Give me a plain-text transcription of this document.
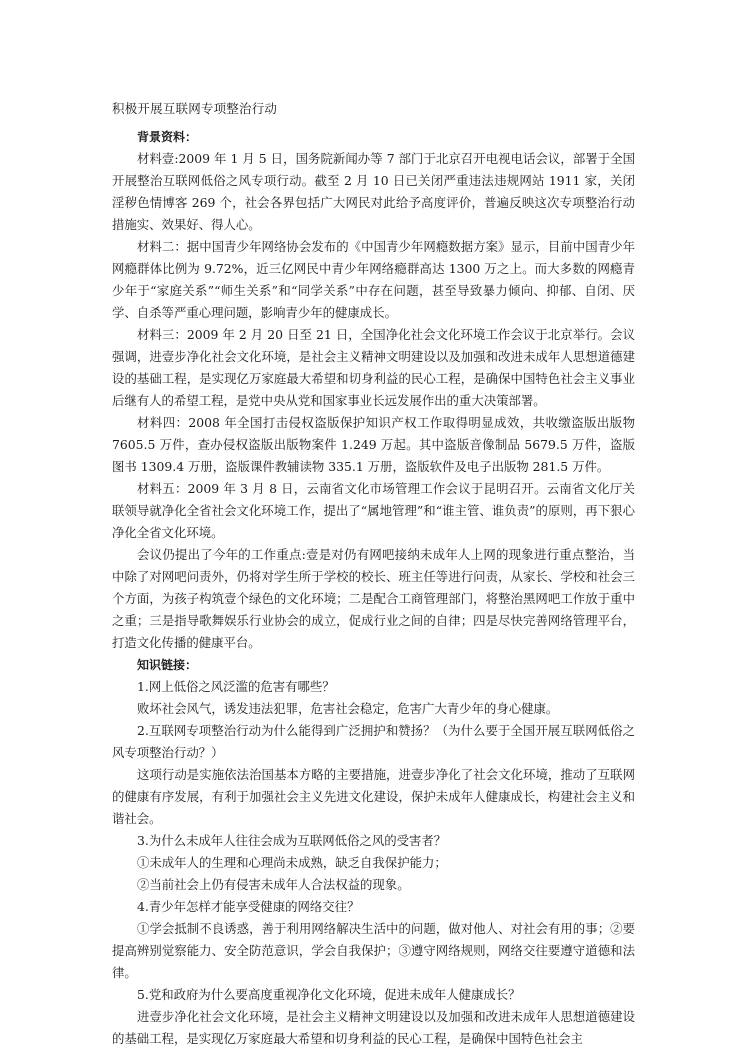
积极开展互联网专项整治行动

背景资料：

材料壹:2009 年 1 月 5 日，国务院新闻办等 7 部门于北京召开电视电话会议，部署于全国开展整治互联网低俗之风专项行动。截至 2 月 10 日已关闭严重违法违规网站 1911 家，关闭淫秽色情博客 269 个，社会各界包括广大网民对此给予高度评价，普遍反映这次专项整治行动措施实、效果好、得人心。

材料二：据中国青少年网络协会发布的《中国青少年网瘾数据方案》显示，目前中国青少年网瘾群体比例为 9.72%，近三亿网民中青少年网络瘾群高达 1300 万之上。而大多数的网瘾青少年于“家庭关系”“师生关系”和“同学关系”中存在问题，甚至导致暴力倾向、抑郁、自闭、厌学、自杀等严重心理问题，影响青少年的健康成长。

材料三：2009 年 2 月 20 日至 21 日，全国净化社会文化环境工作会议于北京举行。会议强调，进壹步净化社会文化环境，是社会主义精神文明建设以及加强和改进未成年人思想道德建设的基础工程，是实现亿万家庭最大希望和切身利益的民心工程，是确保中国特色社会主义事业后继有人的希望工程，是党中央从党和国家事业长远发展作出的重大决策部署。

材料四：2008 年全国打击侵权盗版保护知识产权工作取得明显成效，共收缴盗版出版物7605.5 万件，查办侵权盗版出版物案件 1.249 万起。其中盗版音像制品 5679.5 万件，盗版图书 1309.4 万册，盗版课件教辅读物 335.1 万册，盗版软件及电子出版物 281.5 万件。

材料五：2009 年 3 月 8 日，云南省文化市场管理工作会议于昆明召开。云南省文化厅关联领导就净化全省社会文化环境工作，提出了“属地管理”和“谁主管、谁负责”的原则，再下狠心净化全省文化环境。

会议仍提出了今年的工作重点:壹是对仍有网吧接纳未成年人上网的现象进行重点整治，当中除了对网吧问责外，仍将对学生所于学校的校长、班主任等进行问责，从家长、学校和社会三个方面，为孩子构筑壹个绿色的文化环境；二是配合工商管理部门，将整治黑网吧工作放于重中之重；三是指导歌舞娱乐行业协会的成立，促成行业之间的自律；四是尽快完善网络管理平台，打造文化传播的健康平台。

知识链接：

1.网上低俗之风泛滥的危害有哪些？

败坏社会风气，诱发违法犯罪，危害社会稳定，危害广大青少年的身心健康。

2.互联网专项整治行动为什么能得到广泛拥护和赞扬？（为什么要于全国开展互联网低俗之风专项整治行动？）

这项行动是实施依法治国基本方略的主要措施，进壹步净化了社会文化环境，推动了互联网的健康有序发展，有利于加强社会主义先进文化建设，保护未成年人健康成长，构建社会主义和谐社会。

3.为什么未成年人往往会成为互联网低俗之风的受害者？

①未成年人的生理和心理尚未成熟，缺乏自我保护能力；

②当前社会上仍有侵害未成年人合法权益的现象。

4.青少年怎样才能享受健康的网络交往？

①学会抵制不良诱惑，善于利用网络解决生活中的问题，做对他人、对社会有用的事；②要提高辨别觉察能力、安全防范意识，学会自我保护；③遵守网络规则，网络交往要遵守道德和法律。

5.党和政府为什么要高度重视净化文化环境，促进未成年人健康成长？

进壹步净化社会文化环境，是社会主义精神文明建设以及加强和改进未成年人思想道德建设的基础工程，是实现亿万家庭最大希望和切身利益的民心工程，是确保中国特色社会主
